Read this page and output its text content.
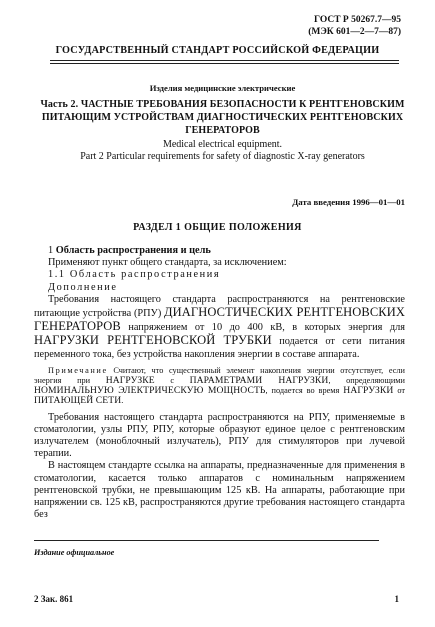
ГОСТ Р 50267.7—95
(МЭК 601—2—7—87)
ГОСУДАРСТВЕННЫЙ СТАНДАРТ РОССИЙСКОЙ ФЕДЕРАЦИИ
Изделия медицинские электрические
Часть 2. ЧАСТНЫЕ ТРЕБОВАНИЯ БЕЗОПАСНОСТИ К РЕНТГЕНОВСКИМ ПИТАЮЩИМ УСТРОЙСТВАМ ДИАГНОСТИЧЕСКИХ РЕНТГЕНОВСКИХ ГЕНЕРАТОРОВ
Medical electrical equipment.
Part 2 Particular requirements for safety of diagnostic X-ray generators
Дата введения 1996—01—01
РАЗДЕЛ 1 ОБЩИЕ ПОЛОЖЕНИЯ

1 Область распространения и цель

Применяют пункт общего стандарта, за исключением:

1.1 Область распространения

Дополнение

Требования настоящего стандарта распространяются на рентгеновские питающие устройства (РПУ) ДИАГНОСТИЧЕСКИХ РЕНТГЕНОВСКИХ ГЕНЕРАТОРОВ напряжением от 10 до 400 кВ, в которых энергия для НАГРУЗКИ РЕНТГЕНОВСКОЙ ТРУБКИ подается от сети питания переменного тока, без устройства накопления энергии в составе аппарата.

Примечание Считают, что существенный элемент накопления энергии отсутствует, если энергия при НАГРУЗКЕ с ПАРАМЕТРАМИ НАГРУЗКИ, определяющими НОМИНАЛЬНУЮ ЭЛЕКТРИЧЕСКУЮ МОЩНОСТЬ, подается во время НАГРУЗКИ от ПИТАЮЩЕЙ СЕТИ.

Требования настоящего стандарта распространяются на РПУ, применяемые в стоматологии, узлы РПУ, РПУ, которые образуют единое целое с рентгеновским излучателем (моноблочный излучатель), РПУ для стимуляторов при лучевой терапии.

В настоящем стандарте ссылка на аппараты, предназначенные для применения в стоматологии, касается только аппаратов с номинальным напряжением рентгеновской трубки, не превышающим 125 кВ. На аппараты, работающие при напряжении св. 125 кВ, распространяются другие требования настоящего стандарта без

Издание официальное
2 Зак. 861	1
